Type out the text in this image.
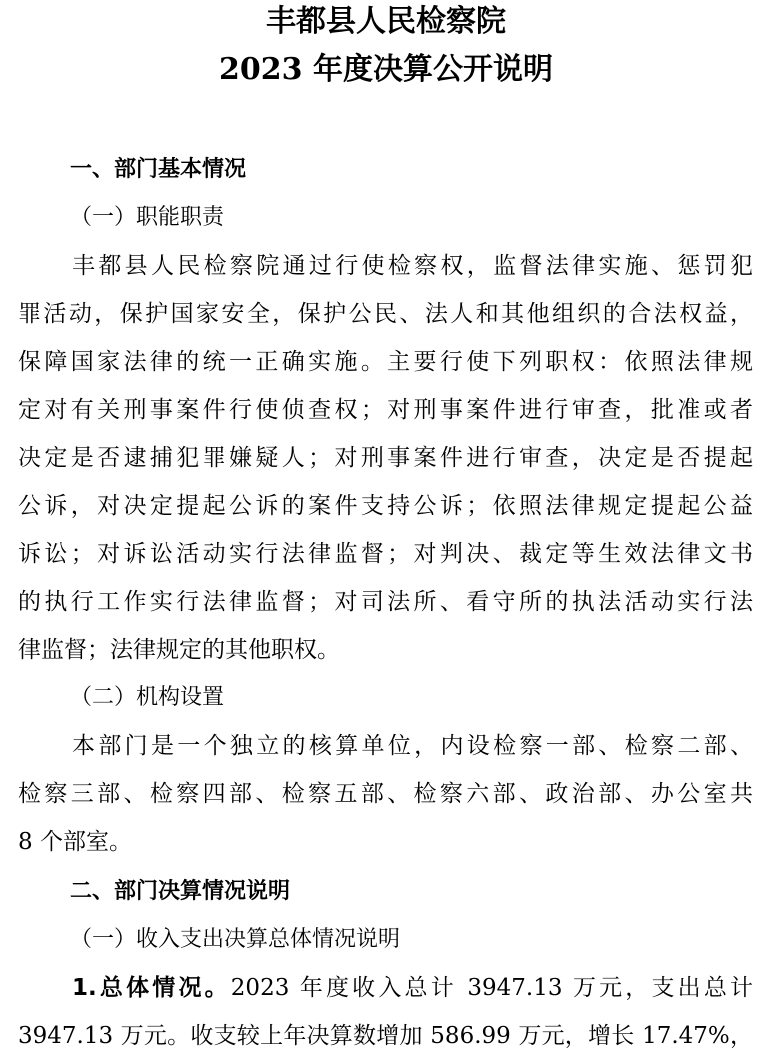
丰都县人民检察院
2023 年度决算公开说明
一、部门基本情况
（一）职能职责
丰都县人民检察院通过行使检察权，监督法律实施、惩罚犯
罪活动，保护国家安全，保护公民、法人和其他组织的合法权益，
保障国家法律的统一正确实施。主要行使下列职权：依照法律规
定对有关刑事案件行使侦查权；对刑事案件进行审查，批准或者
决定是否逮捕犯罪嫌疑人；对刑事案件进行审查，决定是否提起
公诉，对决定提起公诉的案件支持公诉；依照法律规定提起公益
诉讼；对诉讼活动实行法律监督；对判决、裁定等生效法律文书
的执行工作实行法律监督；对司法所、看守所的执法活动实行法
律监督；法律规定的其他职权。
（二）机构设置
本部门是一个独立的核算单位，内设检察一部、检察二部、
检察三部、检察四部、检察五部、检察六部、政治部、办公室共
8 个部室。
二、部门决算情况说明
（一）收入支出决算总体情况说明
1.总体情况。2023 年度收入总计 3947.13 万元，支出总计
3947.13 万元。收支较上年决算数增加 586.99 万元，增长 17.47%，
